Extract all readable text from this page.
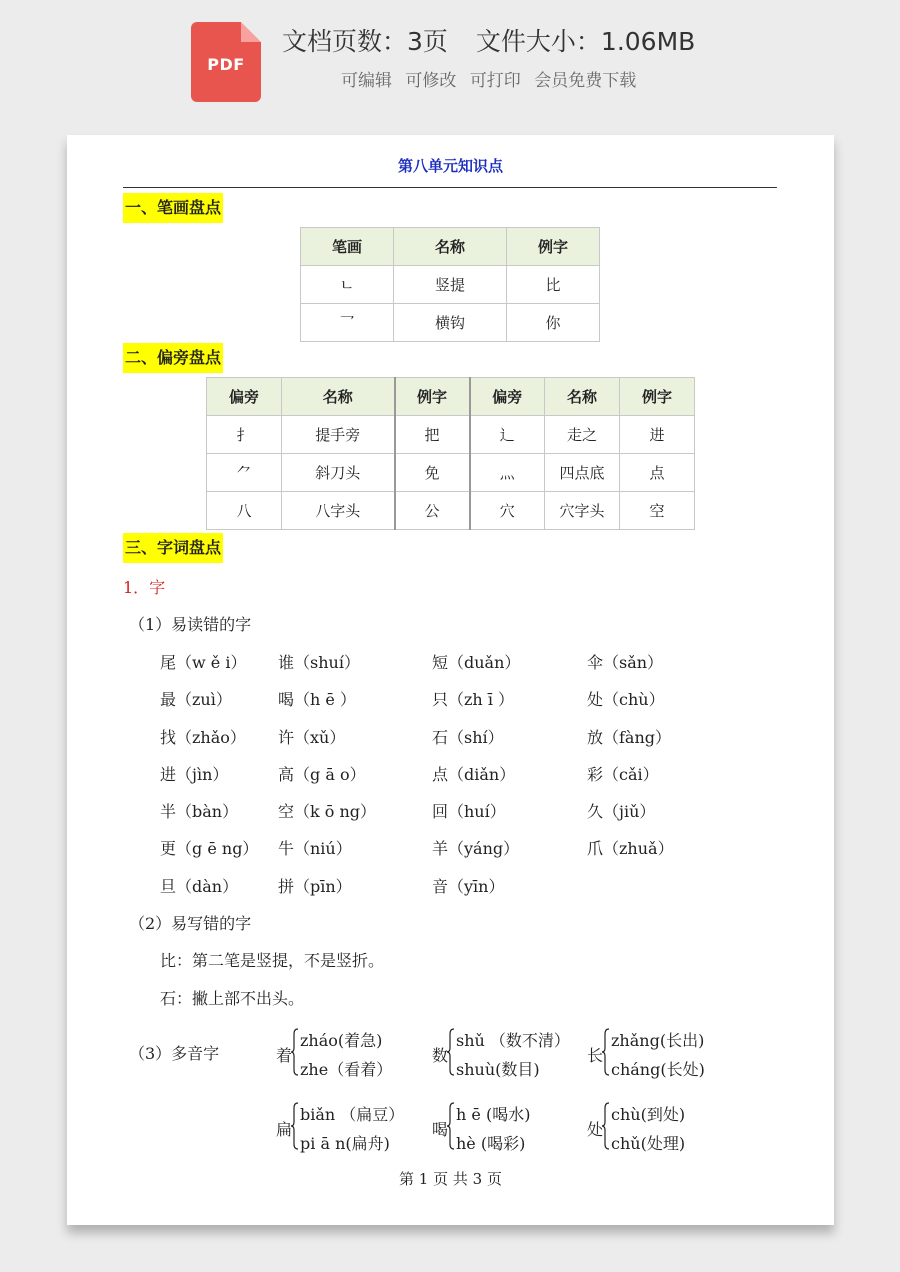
PDF
文档页数：3页 文件大小：1.06MB
可编辑 可修改 可打印 会员免费下载
第八单元知识点
一、笔画盘点
笔画	名称	例字
ㄴ	竖提	比
乛	横钩	你
二、偏旁盘点
偏旁	名称	例字	偏旁	名称	例字
扌	提手旁	把	辶	走之	进
⺈	斜刀头	免	灬	四点底	点
八	八字头	公	穴	穴字头	空
三、字词盘点
1．字
（1）易读错的字
尾（w ě i） 谁（shuí）	短（duǎn）	伞（sǎn）
最（zuì）	喝（h ē ）	只（zh ī ）	处（chù）
找（zhǎo） 许（xǔ）	石（shí）	放（fàng）
进（jìn）	高（g ā o）	点（diǎn）	彩（cǎi）
半（bàn） 空（k ō ng）	回（huí）	久（jiǔ）
更（g ē ng） 牛（niú）	羊（yáng）	爪（zhuǎ）
旦（dàn） 拼（pīn）	音（yīn）
（2）易写错的字
比：第二笔是竖提，不是竖折。
石：撇上部不出头。
（3）多音字	着
zháo(着急)
zhe（看着）
数
shǔ （数不清）
shuù(数目)
长
zhǎng(长出)
cháng(长处)
扁
biǎn （扁豆）
pi ā n(扁舟)
喝
h ē (喝水)
hè (喝彩)
处
chù(到处)
chǔ(处理)
第 1 页 共 3 页
